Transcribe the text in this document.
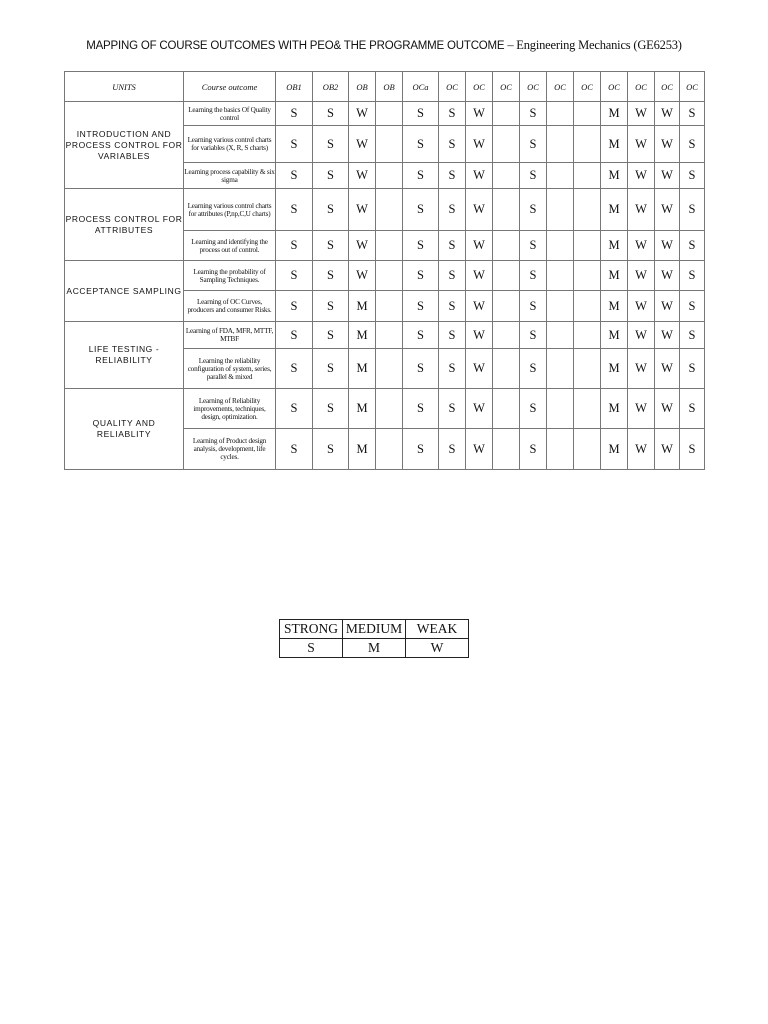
MAPPING OF COURSE OUTCOMES WITH PEO& THE PROGRAMME OUTCOME – Engineering Mechanics (GE6253)
UNITS	Course outcome	OB1	OB2	OB	OB	OCa	OC	OC	OC	OC	OC	OC	OC	OC	OC	OC
INTRODUCTION AND PROCESS CONTROL FOR VARIABLES	Learning the basics Of Quality control	S	S	W		S	S	W		S			M	W	W	S
	Learning various control charts for variables (X, R, S charts)	S	S	W		S	S	W		S			M	W	W	S
	Learning process capability & six sigma	S	S	W		S	S	W		S			M	W	W	S
PROCESS CONTROL FOR ATTRIBUTES	Learning various control charts for attributes (P,np,C,U charts)	S	S	W		S	S	W		S			M	W	W	S
	Learning and identifying the process out of control.	S	S	W		S	S	W		S			M	W	W	S
ACCEPTANCE SAMPLING	Learning the probability of Sampling Techniques.	S	S	W		S	S	W		S			M	W	W	S
	Learning of OC Curves, producers and consumer Risks.	S	S	M		S	S	W		S			M	W	W	S
LIFE TESTING - RELIABILITY	Learning of FDA, MFR, MTTF, MTBF	S	S	M		S	S	W		S			M	W	W	S
	Learning the reliability configuration of system, series, parallel & mixed	S	S	M		S	S	W		S			M	W	W	S
QUALITY AND RELIABLITY	Learning of Reliability improvements, techniques, design, optimization.	S	S	M		S	S	W		S			M	W	W	S
	Learning of Product design analysis, development, life cycles.	S	S	M		S	S	W		S			M	W	W	S
STRONG	MEDIUM	WEAK
S	M	W
